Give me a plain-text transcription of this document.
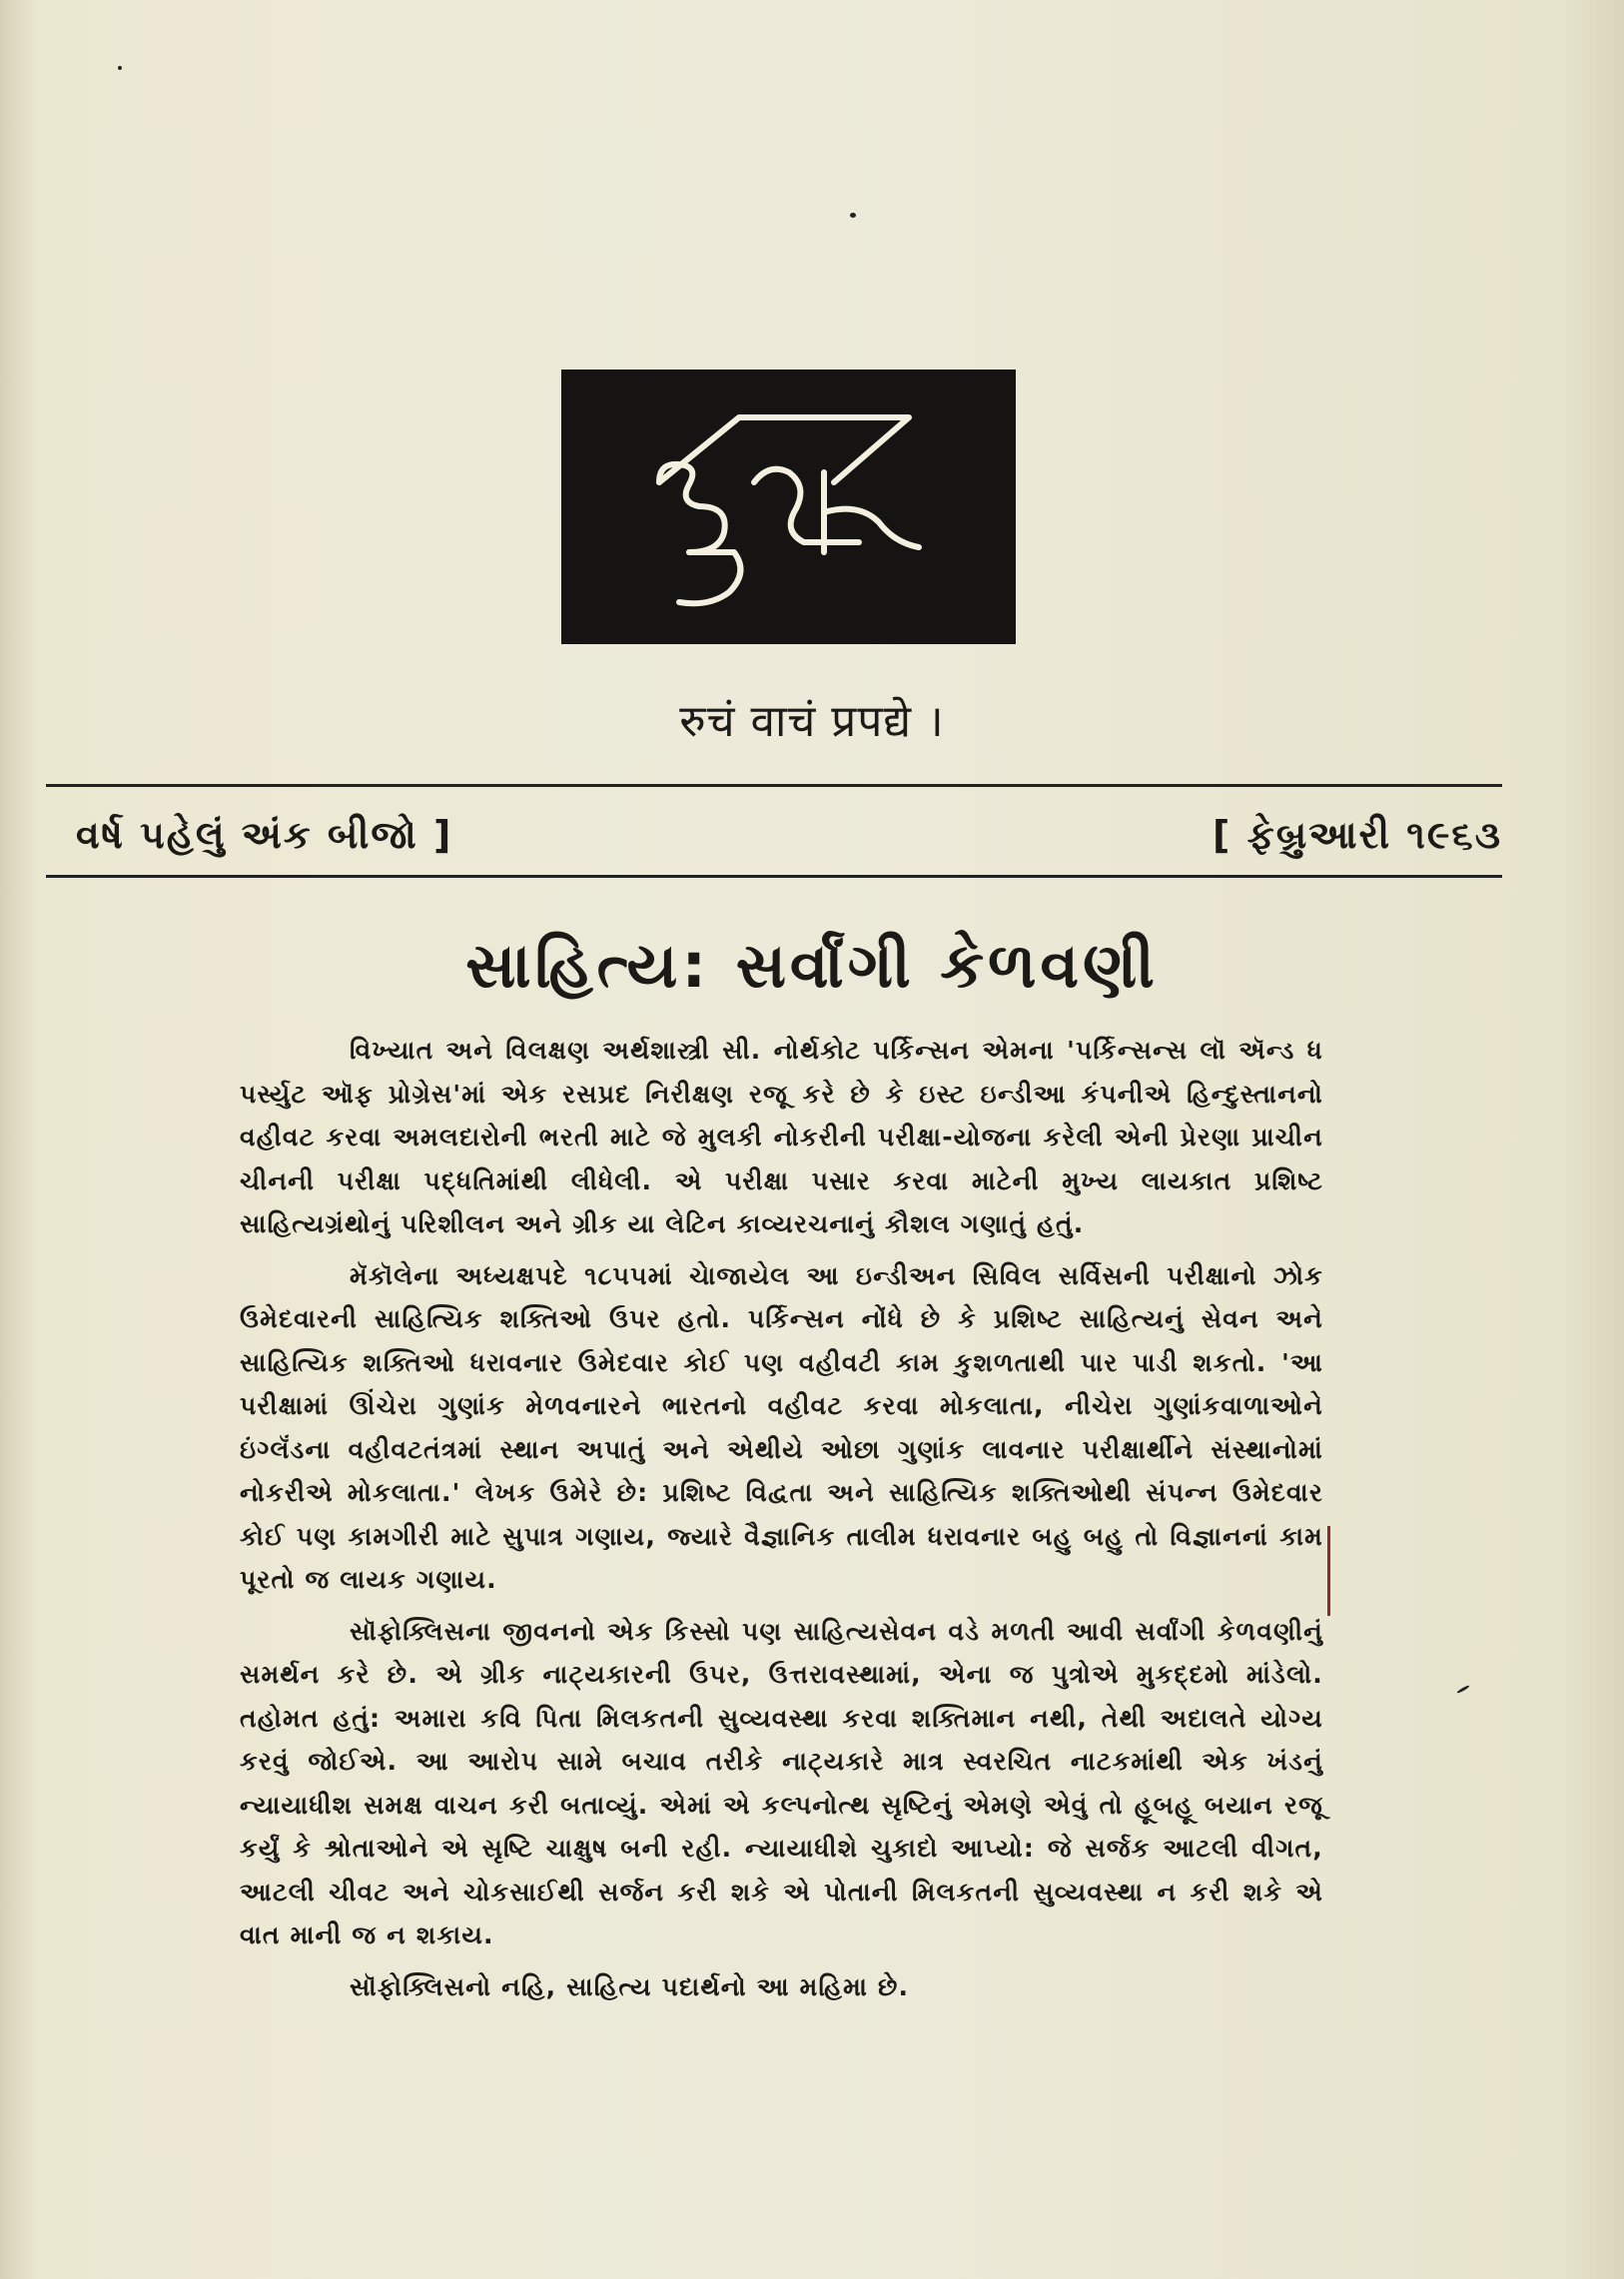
રુચિ
रुचं वाचं प्रपद्ये ।
વર્ષ પહેલું અંક બીજો ]	[ ફેબ્રુઆરી ૧૯૬૩
સાહિત્ય: સર્વાંગી કેળવણી

વિખ્યાત અને વિલક્ષણ અર્થશાસ્ત્રી સી. નોર્થકોટ પર્કિન્સન એમના 'પર્કિન્સન્સ લૉ ઍન્ડ ધ પર્સ્યુટ ઑફ પ્રોગ્રેસ'માં એક રસપ્રદ નિરીક્ષણ રજૂ કરે છે કે ઇસ્ટ ઇન્ડીઆ કંપનીએ હિન્દુસ્તાનનો વહીવટ કરવા અમલદારોની ભરતી માટે જે મુલકી નોકરીની પરીક્ષા-યોજના કરેલી એની પ્રેરણા પ્રાચીન ચીનની પરીક્ષા પદ્ધતિમાંથી લીધેલી. એ પરીક્ષા પસાર કરવા માટેની મુખ્ય લાયકાત પ્રશિષ્ટ સાહિત્યગ્રંથોનું પરિશીલન અને ગ્રીક યા લેટિન કાવ્યરચનાનું કૌશલ ગણાતું હતું.

મૅકૉલેના અધ્યક્ષપદે ૧૮૫૫માં ચેાજાયેલ આ ઇન્ડીઅન સિવિલ સર્વિસની પરીક્ષાનો ઝોક ઉમેદવારની સાહિત્યિક શક્તિઓ ઉપર હતો. પર્કિન્સન નોંધે છે કે પ્રશિષ્ટ સાહિત્યનું સેવન અને સાહિત્યિક શક્તિઓ ધરાવનાર ઉમેદવાર કોઈ પણ વહીવટી કામ કુશળતાથી પાર પાડી શકતો. 'આ પરીક્ષામાં ઊંચેરા ગુણાંક મેળવનારને ભારતનો વહીવટ કરવા મોકલાતા, નીચેરા ગુણાંકવાળાઓને ઇંગ્લૅંડના વહીવટતંત્રમાં સ્થાન અપાતું અને એથીયે ઓછા ગુણાંક લાવનાર પરીક્ષાર્થીને સંસ્થાનોમાં નોકરીએ મોકલાતા.' લેખક ઉમેરે છે: પ્રશિષ્ટ વિદ્વતા અને સાહિત્યિક શક્તિઓથી સંપન્ન ઉમેદવાર કોઈ પણ કામગીરી માટે સુપાત્ર ગણાય, જ્યારે વૈજ્ઞાનિક તાલીમ ધરાવનાર બહુ બહુ તો વિજ્ઞાનનાં કામ પૂરતો જ લાયક ગણાય.

સૉફોક્લિસના જીવનનો એક કિસ્સો પણ સાહિત્યસેવન વડે મળતી આવી સર્વાંગી કેળવણીનું સમર્થન કરે છે. એ ગ્રીક નાટ્યકારની ઉપર, ઉત્તરાવસ્થામાં, એના જ પુત્રોએ મુકદ્દમો માંડેલો. તહોમત હતું: અમારા કવિ પિતા મિલકતની સુવ્યવસ્થા કરવા શક્તિમાન નથી, તેથી અદાલતે યોગ્ય કરવું જોઈએ. આ આરોપ સામે બચાવ તરીકે નાટ્યકારે માત્ર સ્વરચિત નાટકમાંથી એક ખંડનું ન્યાયાધીશ સમક્ષ વાચન કરી બતાવ્યું. એમાં એ કલ્પનોત્થ સૃષ્ટિનું એમણે એવું તો હૂબહૂ બયાન રજૂ કર્યું કે શ્રોતાઓને એ સૃષ્ટિ ચાક્ષુષ બની રહી. ન્યાયાધીશે ચુકાદો આપ્યો: જે સર્જક આટલી વીગત, આટલી ચીવટ અને ચોકસાઈથી સર્જન કરી શકે એ પોતાની મિલકતની સુવ્યવસ્થા ન કરી શકે એ વાત માની જ ન શકાય.

સૉફોક્લિસનો નહિ, સાહિત્ય પદાર્થનો આ મહિમા છે.
